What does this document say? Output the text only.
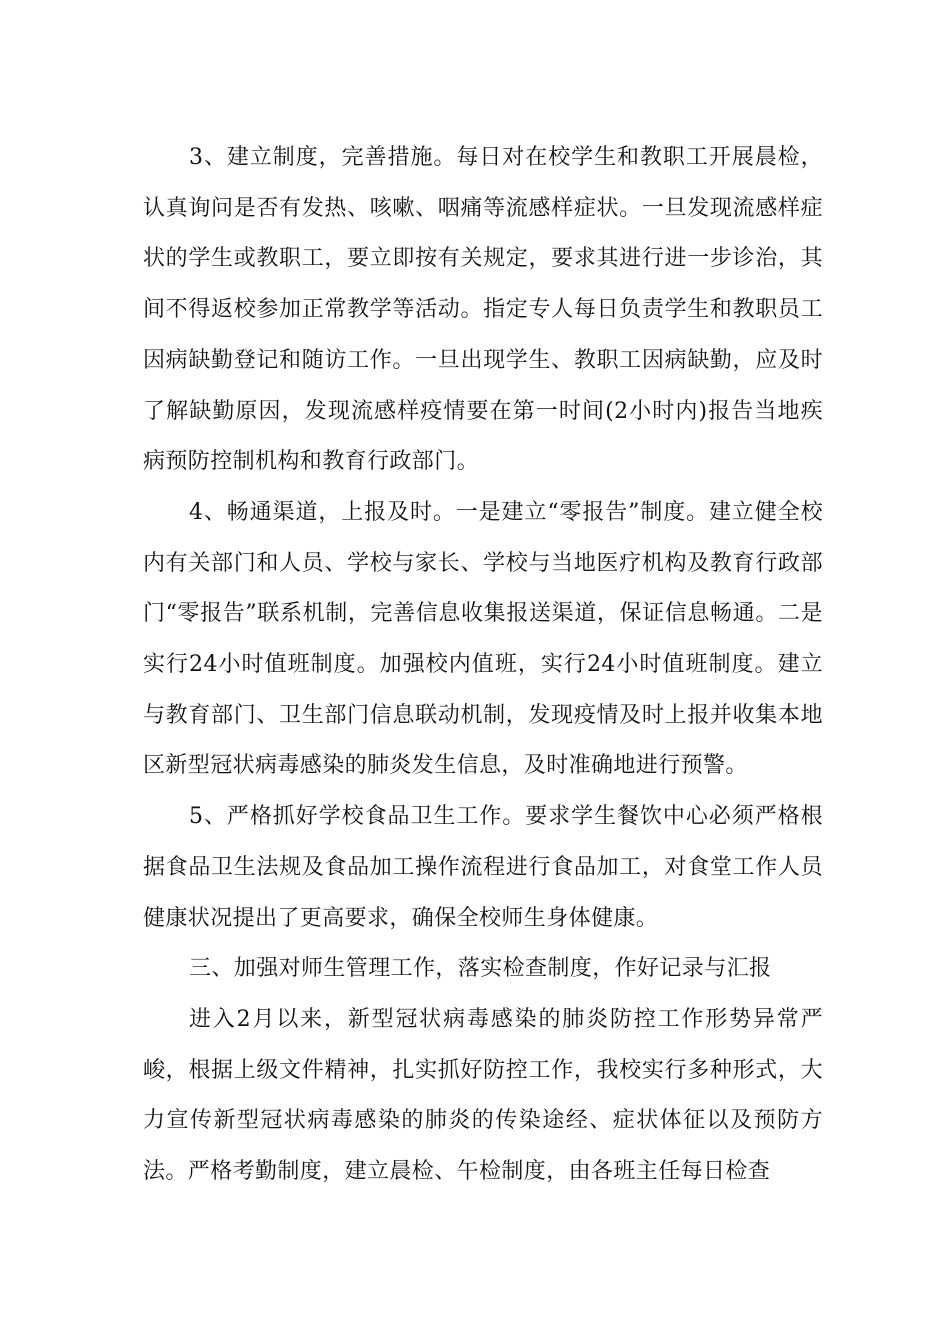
3、建立制度，完善措施。每日对在校学生和教职工开展晨检，认真询问是否有发热、咳嗽、咽痛等流感样症状。一旦发现流感样症状的学生或教职工，要立即按有关规定，要求其进行进一步诊治，其间不得返校参加正常教学等活动。指定专人每日负责学生和教职员工因病缺勤登记和随访工作。一旦出现学生、教职工因病缺勤，应及时了解缺勤原因，发现流感样疫情要在第一时间(2小时内)报告当地疾病预防控制机构和教育行政部门。

4、畅通渠道，上报及时。一是建立“零报告”制度。建立健全校内有关部门和人员、学校与家长、学校与当地医疗机构及教育行政部门“零报告”联系机制，完善信息收集报送渠道，保证信息畅通。二是实行24小时值班制度。加强校内值班，实行24小时值班制度。建立与教育部门、卫生部门信息联动机制，发现疫情及时上报并收集本地区新型冠状病毒感染的肺炎发生信息，及时准确地进行预警。

5、严格抓好学校食品卫生工作。要求学生餐饮中心必须严格根据食品卫生法规及食品加工操作流程进行食品加工，对食堂工作人员健康状况提出了更高要求，确保全校师生身体健康。

三、加强对师生管理工作，落实检查制度，作好记录与汇报

进入2月以来，新型冠状病毒感染的肺炎防控工作形势异常严峻，根据上级文件精神，扎实抓好防控工作，我校实行多种形式，大力宣传新型冠状病毒感染的肺炎的传染途经、症状体征以及预防方法。严格考勤制度，建立晨检、午检制度，由各班主任每日检查
